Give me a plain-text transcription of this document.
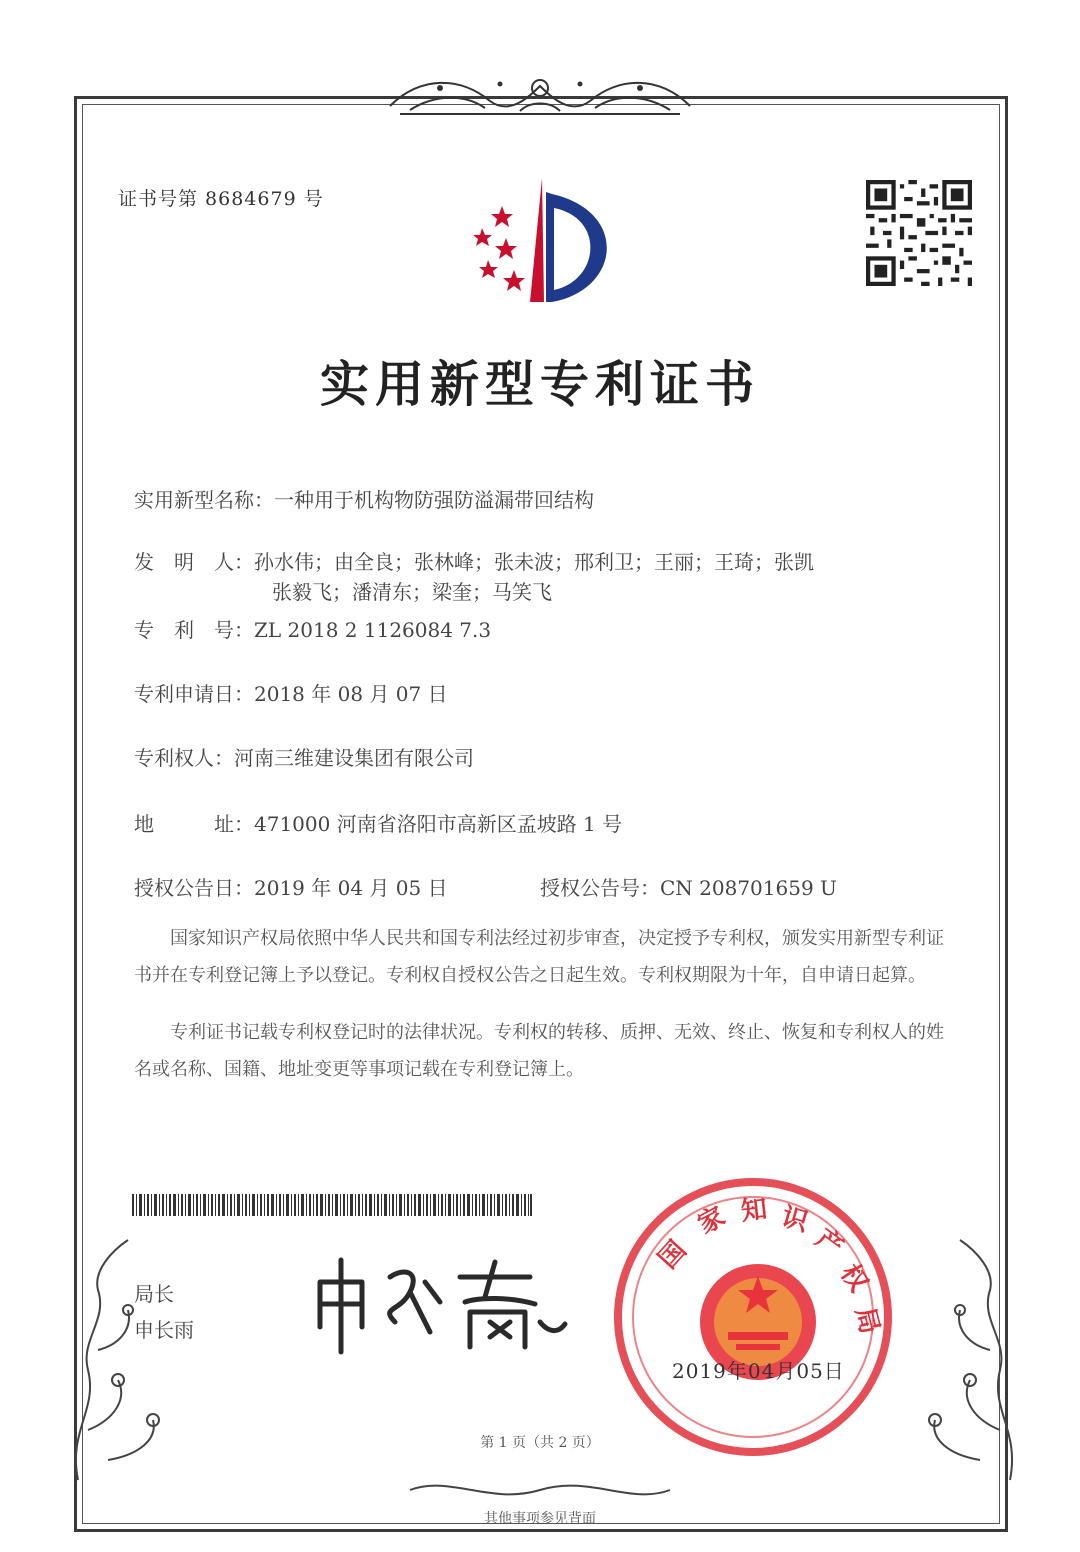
证书号第 8684679 号
实用新型专利证书
实用新型名称：一种用于机构物防强防溢漏带回结构
发　明　人：孙水伟；由全良；张林峰；张未波；邢利卫；王丽；王琦；张凯
张毅飞；潘清东；梁奎；马笑飞
专　利　号：ZL 2018 2 1126084 7.3
专利申请日：2018 年 08 月 07 日
专利权人：河南三维建设集团有限公司
地　　　址：471000 河南省洛阳市高新区孟坡路 1 号
授权公告日：2019 年 04 月 05 日	授权公告号：CN 208701659 U
国家知识产权局依照中华人民共和国专利法经过初步审查，决定授予专利权，颁发实用新型专利证书并在专利登记簿上予以登记。专利权自授权公告之日起生效。专利权期限为十年，自申请日起算。
专利证书记载专利权登记时的法律状况。专利权的转移、质押、无效、终止、恢复和专利权人的姓名或名称、国籍、地址变更等事项记载在专利登记簿上。
局长
申长雨
国
家 知 识
产
权
局
2019年04月05日
第 1 页（共 2 页）
其他事项参见背面
